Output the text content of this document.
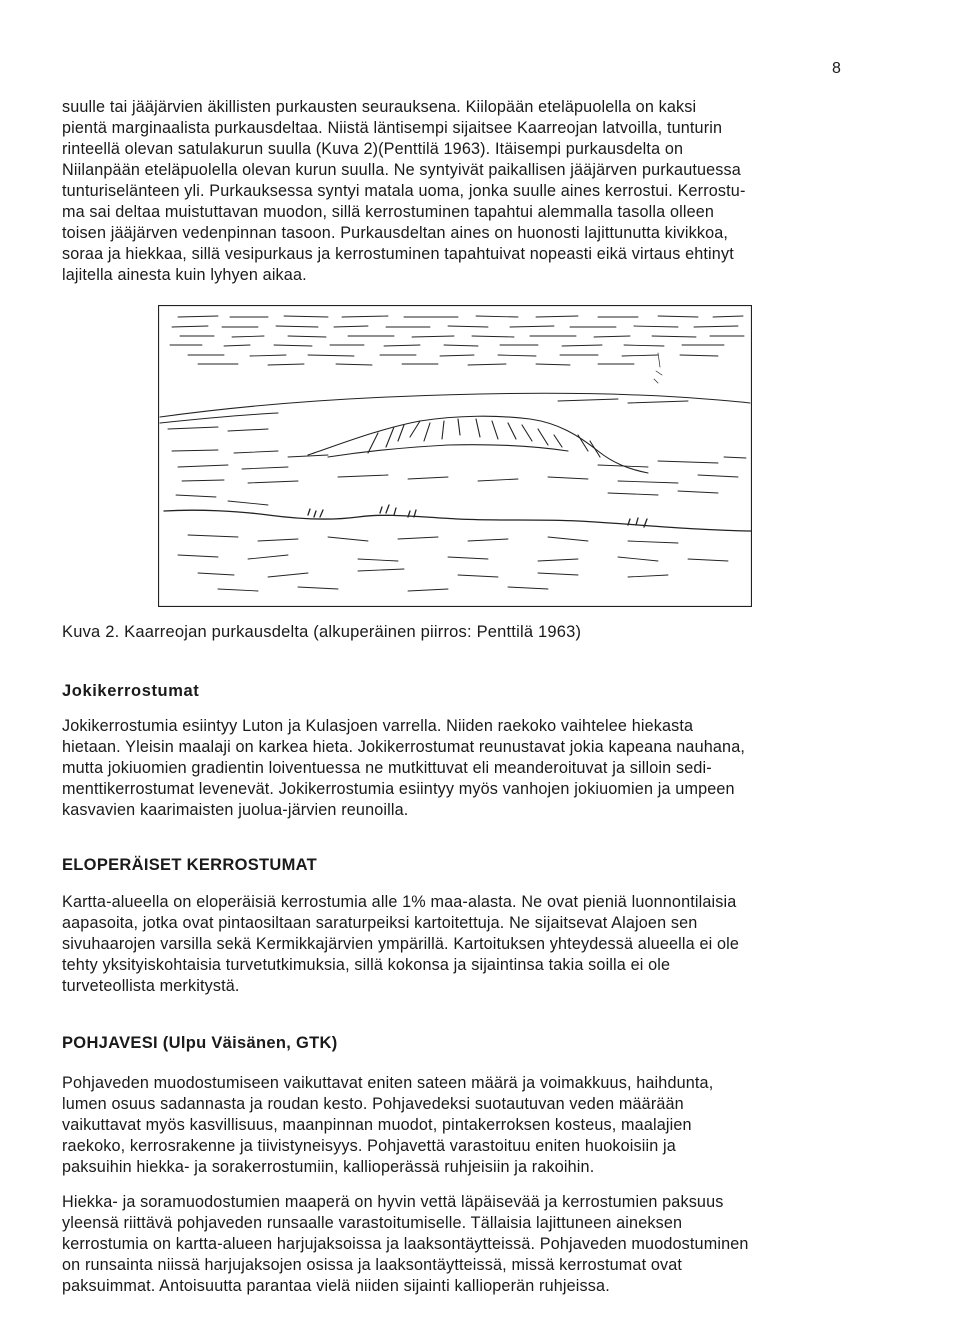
8

suulle tai jääjärvien äkillisten purkausten seurauksena. Kiilopään eteläpuolella on kaksi

pientä marginaalista purkausdeltaa. Niistä läntisempi sijaitsee Kaarreojan latvoilla, tunturin

rinteellä olevan satulakurun suulla (Kuva 2)(Penttilä 1963). Itäisempi purkausdelta on

Niilanpään eteläpuolella olevan kurun suulla. Ne syntyivät paikallisen jääjärven purkautuessa

tunturiselänteen yli. Purkauksessa syntyi matala uoma, jonka suulle aines kerrostui. Kerrostu-

ma sai deltaa muistuttavan muodon, sillä kerrostuminen tapahtui alemmalla tasolla olleen

toisen jääjärven vedenpinnan tasoon. Purkausdeltan aines on huonosti lajittunutta kivikkoa,

soraa ja hiekkaa, sillä vesipurkaus ja kerrostuminen tapahtuivat nopeasti eikä virtaus ehtinyt

lajitella ainesta kuin lyhyen aikaa.

Kuva 2. Kaarreojan purkausdelta (alkuperäinen piirros: Penttilä 1963)
Jokikerrostumat

Jokikerrostumia esiintyy Luton ja Kulasjoen varrella. Niiden raekoko vaihtelee hiekasta

hietaan. Yleisin maalaji on karkea hieta. Jokikerrostumat reunustavat jokia kapeana nauhana,

mutta jokiuomien gradientin loiventuessa ne mutkittuvat eli meanderoituvat ja silloin sedi-

menttikerrostumat levenevät. Jokikerrostumia esiintyy myös vanhojen jokiuomien ja umpeen

kasvavien kaarimaisten juolua-järvien reunoilla.

ELOPERÄISET KERROSTUMAT

Kartta-alueella on eloperäisiä kerrostumia alle 1% maa-alasta. Ne ovat pieniä luonnontilaisia

aapasoita, jotka ovat pintaosiltaan saraturpeiksi kartoitettuja. Ne sijaitsevat Alajoen sen

sivuhaarojen varsilla sekä Kermikkajärvien ympärillä. Kartoituksen yhteydessä alueella ei ole

tehty yksityiskohtaisia turvetutkimuksia, sillä kokonsa ja sijaintinsa takia soilla ei ole

turveteollista merkitystä.

POHJAVESI (Ulpu Väisänen, GTK)

Pohjaveden muodostumiseen vaikuttavat eniten sateen määrä ja voimakkuus, haihdunta,

lumen osuus sadannasta ja roudan kesto. Pohjavedeksi suotautuvan veden määrään

vaikuttavat myös kasvillisuus, maanpinnan muodot, pintakerroksen kosteus, maalajien

raekoko, kerrosrakenne ja tiivistyneisyys. Pohjavettä varastoituu eniten huokoisiin ja

paksuihin hiekka- ja sorakerrostumiin, kallioperässä ruhjeisiin ja rakoihin.

Hiekka- ja soramuodostumien maaperä on hyvin vettä läpäisevää ja kerrostumien paksuus

yleensä riittävä pohjaveden runsaalle varastoitumiselle. Tällaisia lajittuneen aineksen

kerrostumia on kartta-alueen harjujaksoissa ja laaksontäytteissä. Pohjaveden muodostuminen

on runsainta niissä harjujaksojen osissa ja laaksontäytteissä, missä kerrostumat ovat

paksuimmat. Antoisuutta parantaa vielä niiden sijainti kallioperän ruhjeissa.
